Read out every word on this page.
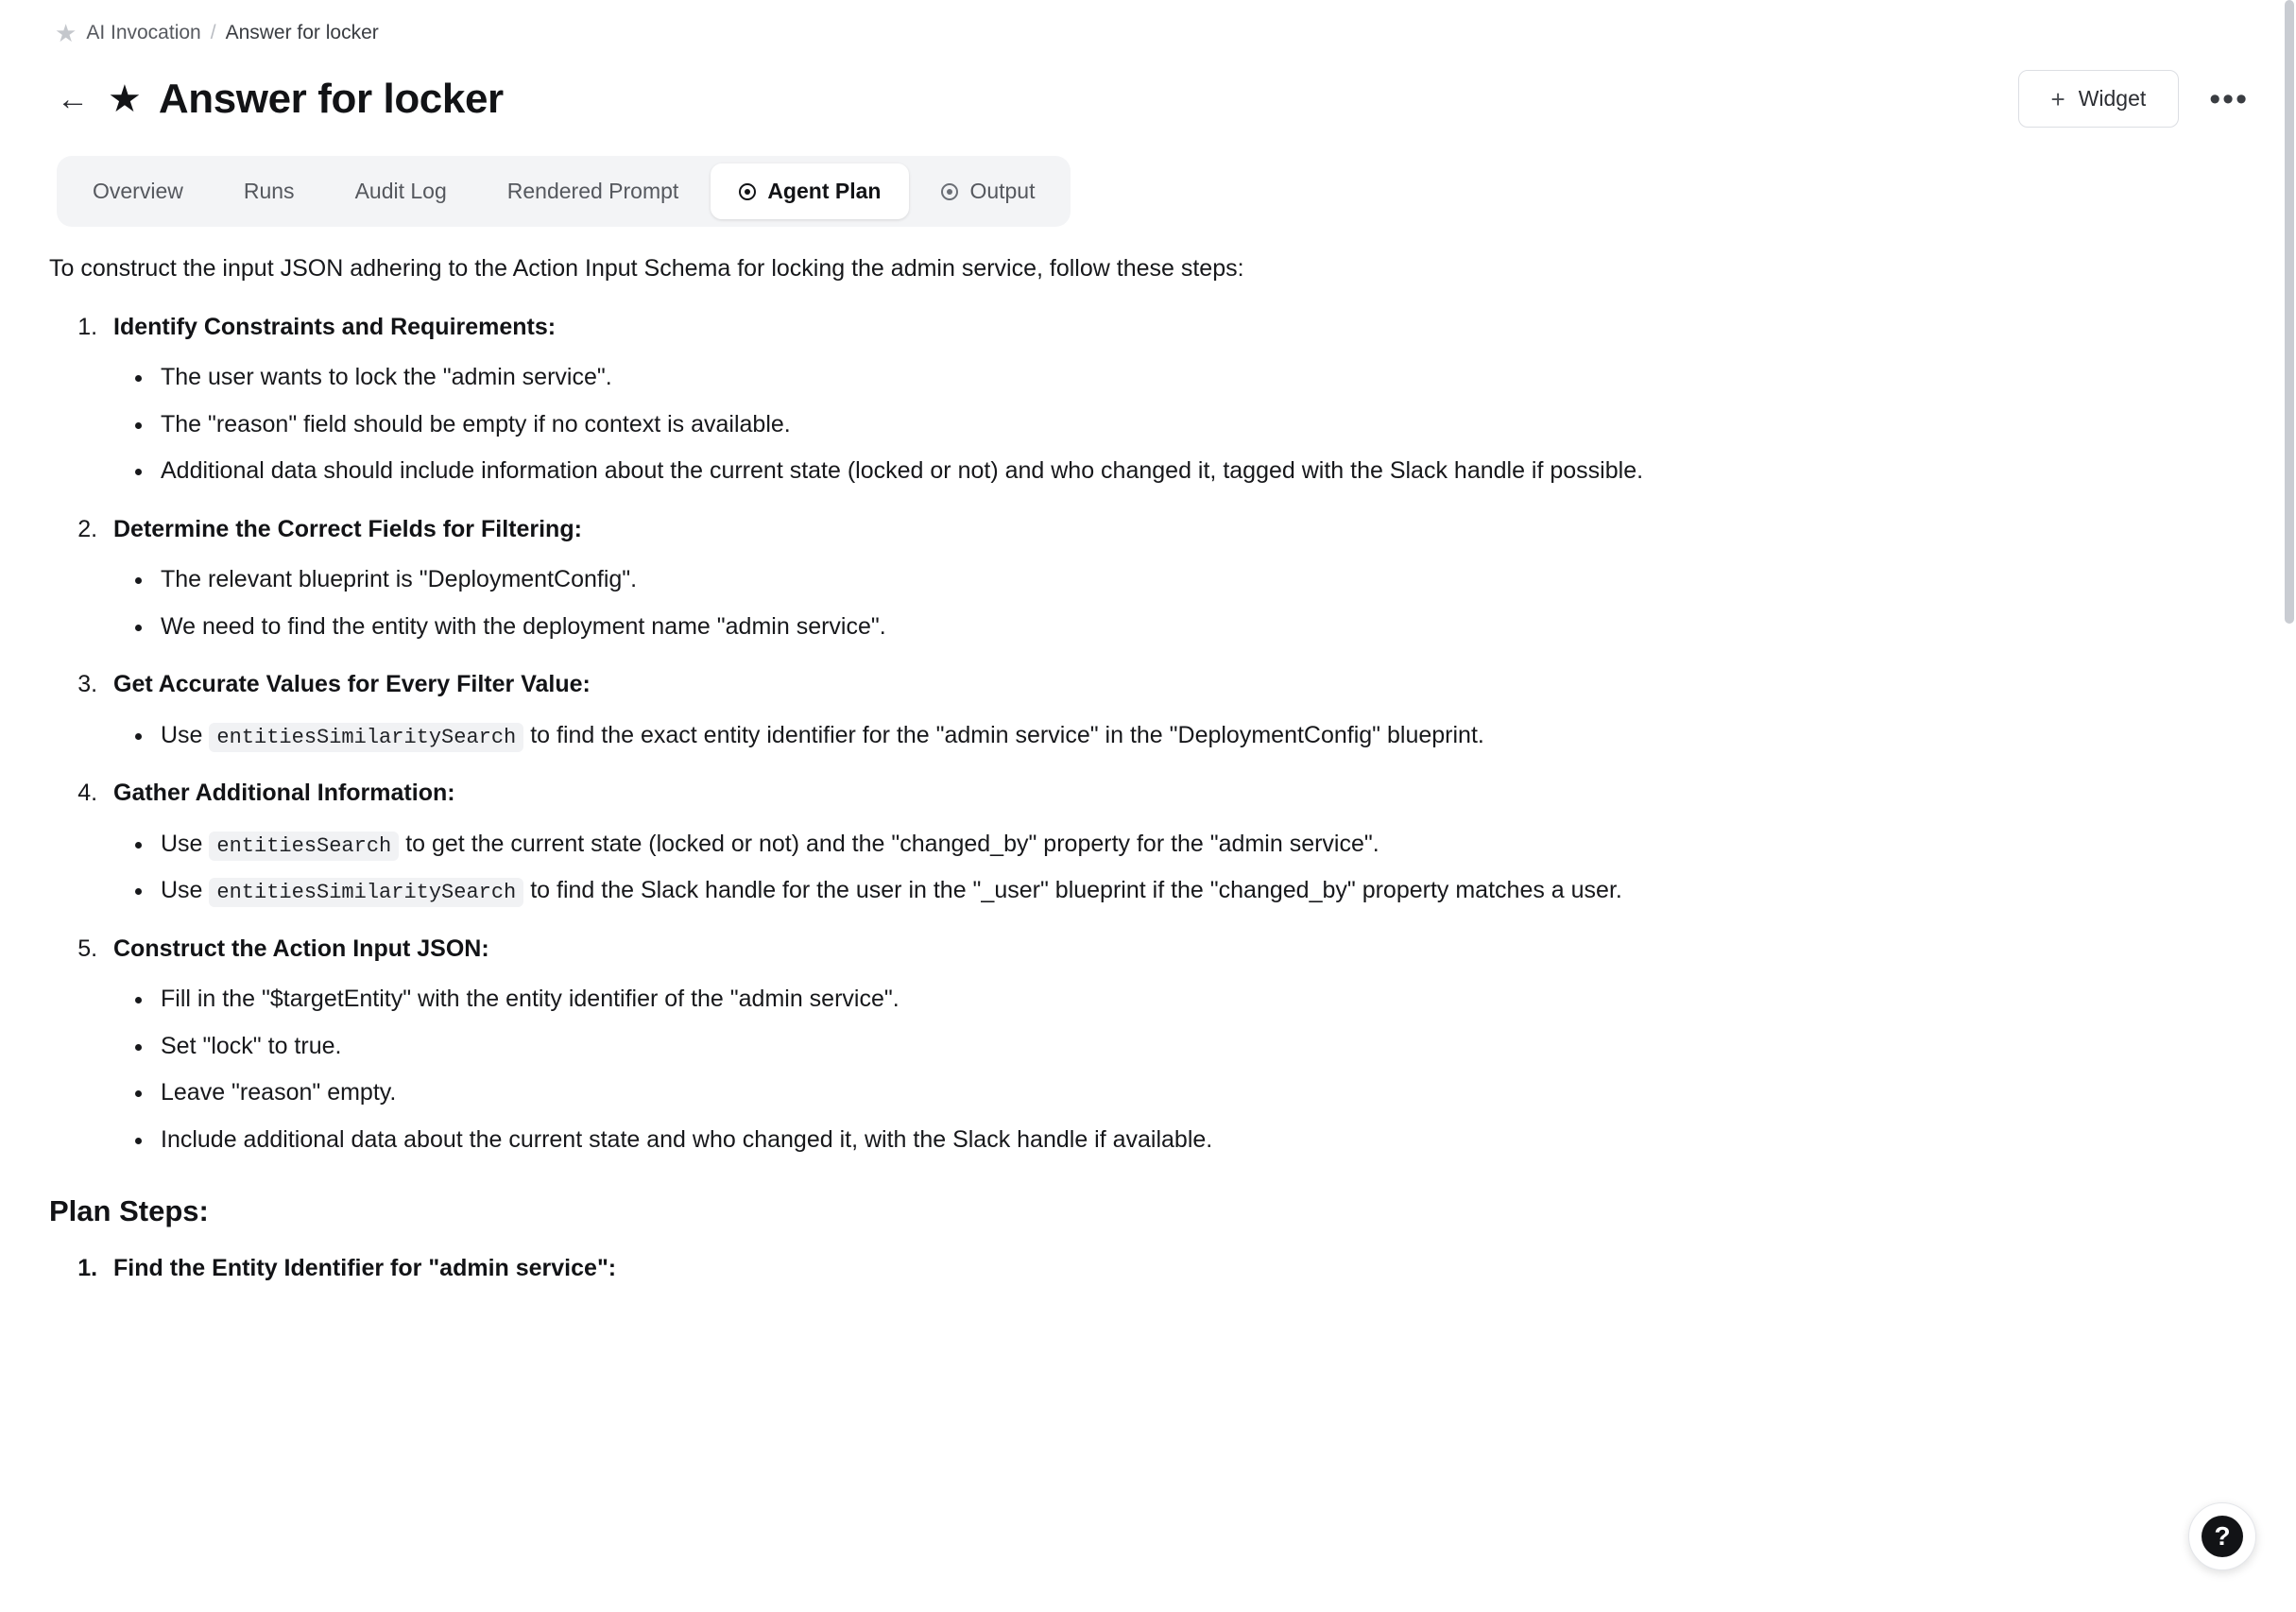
★ AI Invocation / Answer for locker
← ★ Answer for locker	+ Widget •••
Overview	Runs	Audit Log	Rendered Prompt	Agent Plan	Output

To construct the input JSON adhering to the Action Input Schema for locking the admin service, follow these steps:

1. Identify Constraints and Requirements:
• The user wants to lock the "admin service".
• The "reason" field should be empty if no context is available.
• Additional data should include information about the current state (locked or not) and who changed it, tagged with the Slack handle if possible.
2. Determine the Correct Fields for Filtering:
• The relevant blueprint is "DeploymentConfig".
• We need to find the entity with the deployment name "admin service".
3. Get Accurate Values for Every Filter Value:
• Use entitiesSimilaritySearch to find the exact entity identifier for the "admin service" in the "DeploymentConfig" blueprint.
4. Gather Additional Information:
• Use entitiesSearch to get the current state (locked or not) and the "changed_by" property for the "admin service".
• Use entitiesSimilaritySearch to find the Slack handle for the user in the "_user" blueprint if the "changed_by" property matches a user.
5. Construct the Action Input JSON:
• Fill in the "$targetEntity" with the entity identifier of the "admin service".
• Set "lock" to true.
• Leave "reason" empty.
• Include additional data about the current state and who changed it, with the Slack handle if available.
Plan Steps:
1. Find the Entity Identifier for "admin service":
?
